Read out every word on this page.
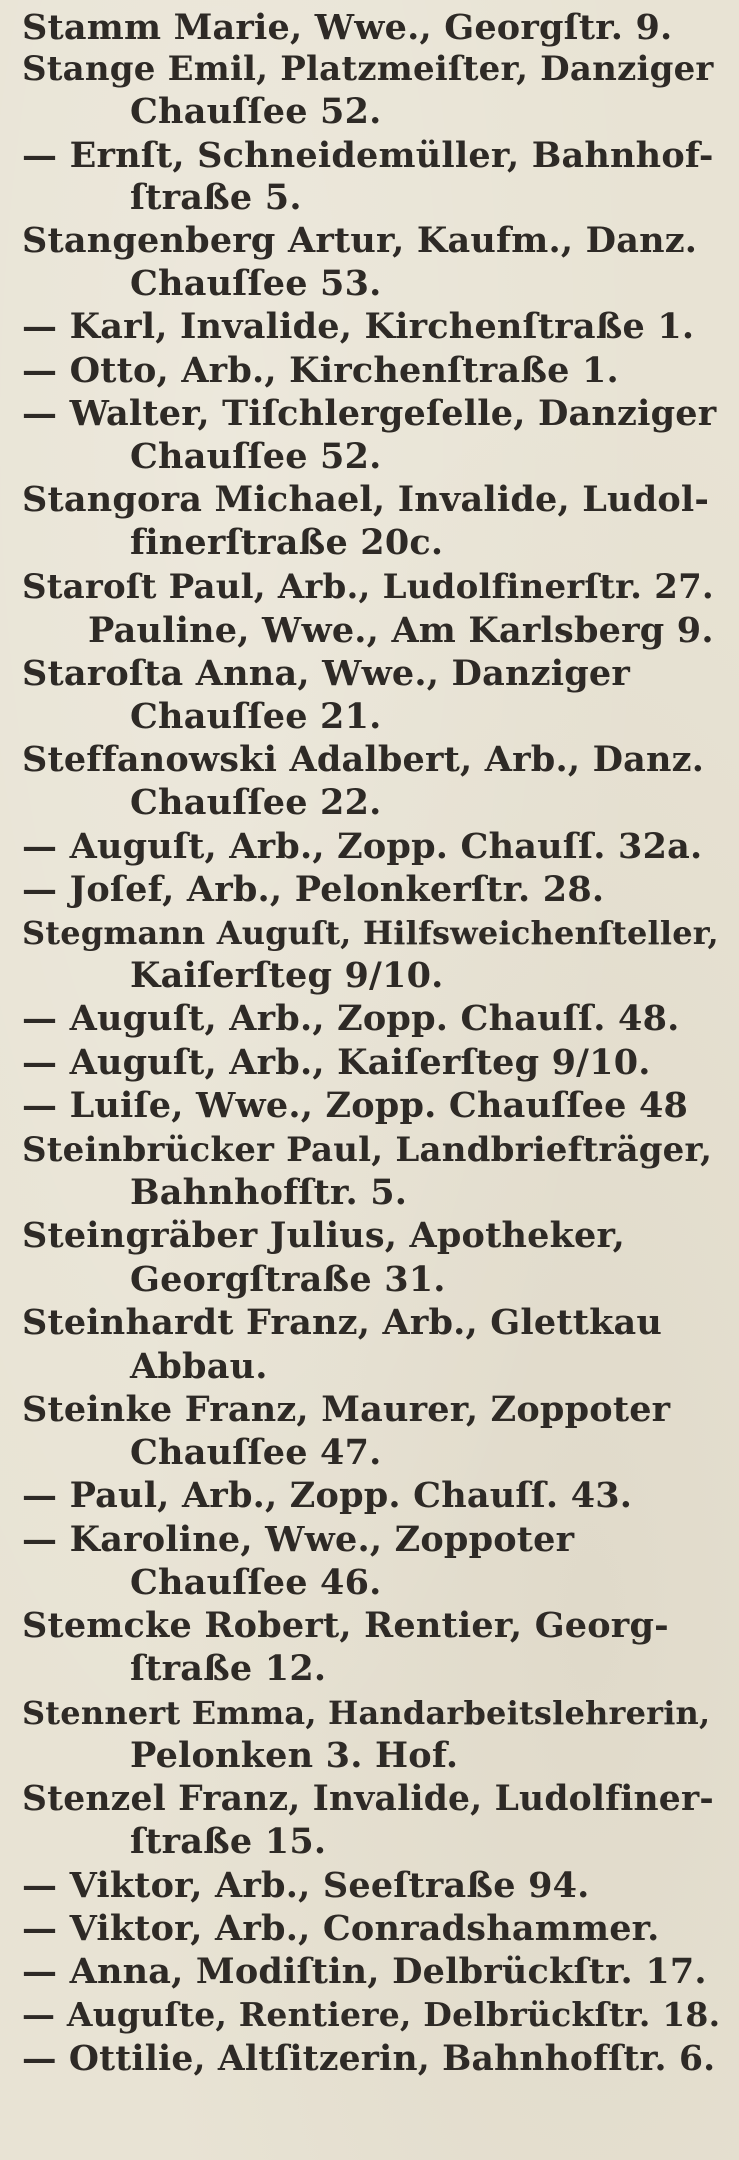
Stamm Marie, Wwe., Georgſtr. 9.
Stange Emil, Platzmeiſter, Danziger
Chauſſee 52.
— Ernſt, Schneidemüller, Bahnhof-
ſtraße 5.
Stangenberg Artur, Kaufm., Danz.
Chauſſee 53.
— Karl, Invalide, Kirchenſtraße 1.
— Otto, Arb., Kirchenſtraße 1.
— Walter, Tiſchlergeſelle, Danziger
Chauſſee 52.
Stangora Michael, Invalide, Ludol-
finerſtraße 20c.
Staroſt Paul, Arb., Ludolfinerſtr. 27.
Pauline, Wwe., Am Karlsberg 9.
Staroſta Anna, Wwe., Danziger
Chauſſee 21.
Steffanowski Adalbert, Arb., Danz.
Chauſſee 22.
— Auguſt, Arb., Zopp. Chauſſ. 32a.
— Joſef, Arb., Pelonkerſtr. 28.
Stegmann Auguſt, Hilfsweichenſteller,
Kaiſerſteg 9/10.
— Auguſt, Arb., Zopp. Chauſſ. 48.
— Auguſt, Arb., Kaiſerſteg 9/10.
— Luiſe, Wwe., Zopp. Chauſſee 48
Steinbrücker Paul, Landbriefträger,
Bahnhofſtr. 5.
Steingräber Julius, Apotheker,
Georgſtraße 31.
Steinhardt Franz, Arb., Glettkau
Abbau.
Steinke Franz, Maurer, Zoppoter
Chauſſee 47.
— Paul, Arb., Zopp. Chauſſ. 43.
— Karoline, Wwe., Zoppoter
Chauſſee 46.
Stemcke Robert, Rentier, Georg-
ſtraße 12.
Stennert Emma, Handarbeitslehrerin,
Pelonken 3. Hof.
Stenzel Franz, Invalide, Ludolfiner-
ſtraße 15.
— Viktor, Arb., Seeſtraße 94.
— Viktor, Arb., Conradshammer.
— Anna, Modiſtin, Delbrückſtr. 17.
— Auguſte, Rentiere, Delbrückſtr. 18.
— Ottilie, Altſitzerin, Bahnhofſtr. 6.
